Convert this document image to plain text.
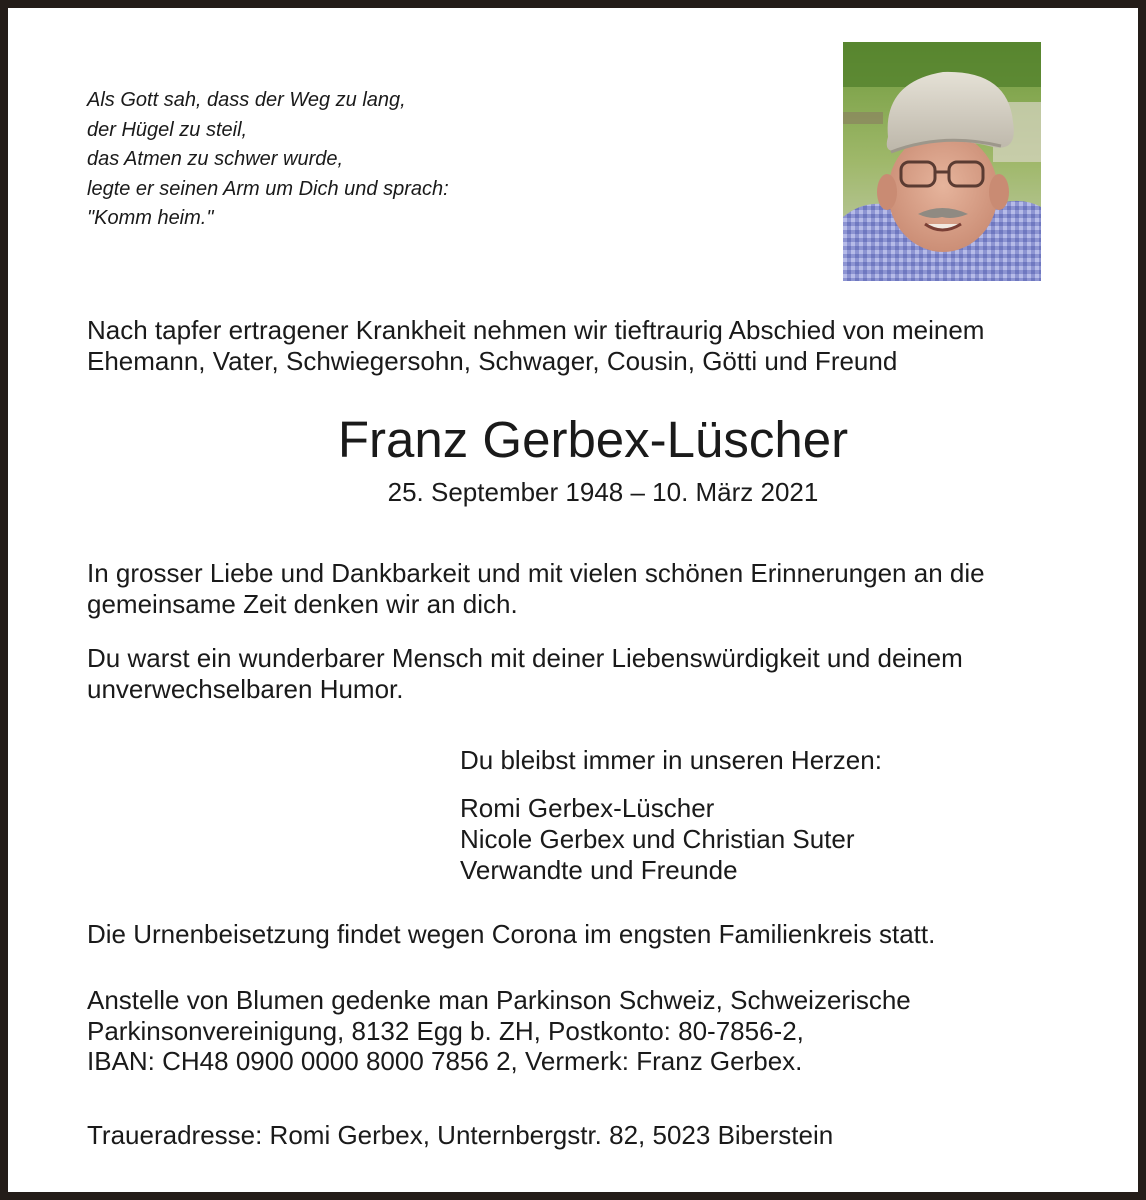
Als Gott sah, dass der Weg zu lang,
der Hügel zu steil,
das Atmen zu schwer wurde,
legte er seinen Arm um Dich und sprach:
"Komm heim."
Nach tapfer ertragener Krankheit nehmen wir tieftraurig Abschied von meinem
Ehemann, Vater, Schwiegersohn, Schwager, Cousin, Götti und Freund
Franz Gerbex-Lüscher
25. September 1948 – 10. März 2021
In grosser Liebe und Dankbarkeit und mit vielen schönen Erinnerungen an die
gemeinsame Zeit denken wir an dich.
Du warst ein wunderbarer Mensch mit deiner Liebenswürdigkeit und deinem
unverwechselbaren Humor.
Du bleibst immer in unseren Herzen:
Romi Gerbex-Lüscher
Nicole Gerbex und Christian Suter
Verwandte und Freunde
Die Urnenbeisetzung findet wegen Corona im engsten Familienkreis statt.
Anstelle von Blumen gedenke man Parkinson Schweiz, Schweizerische
Parkinsonvereinigung, 8132 Egg b. ZH, Postkonto: 80-7856-2,
IBAN: CH48 0900 0000 8000 7856 2, Vermerk: Franz Gerbex.
Traueradresse: Romi Gerbex, Unternbergstr. 82, 5023 Biberstein
